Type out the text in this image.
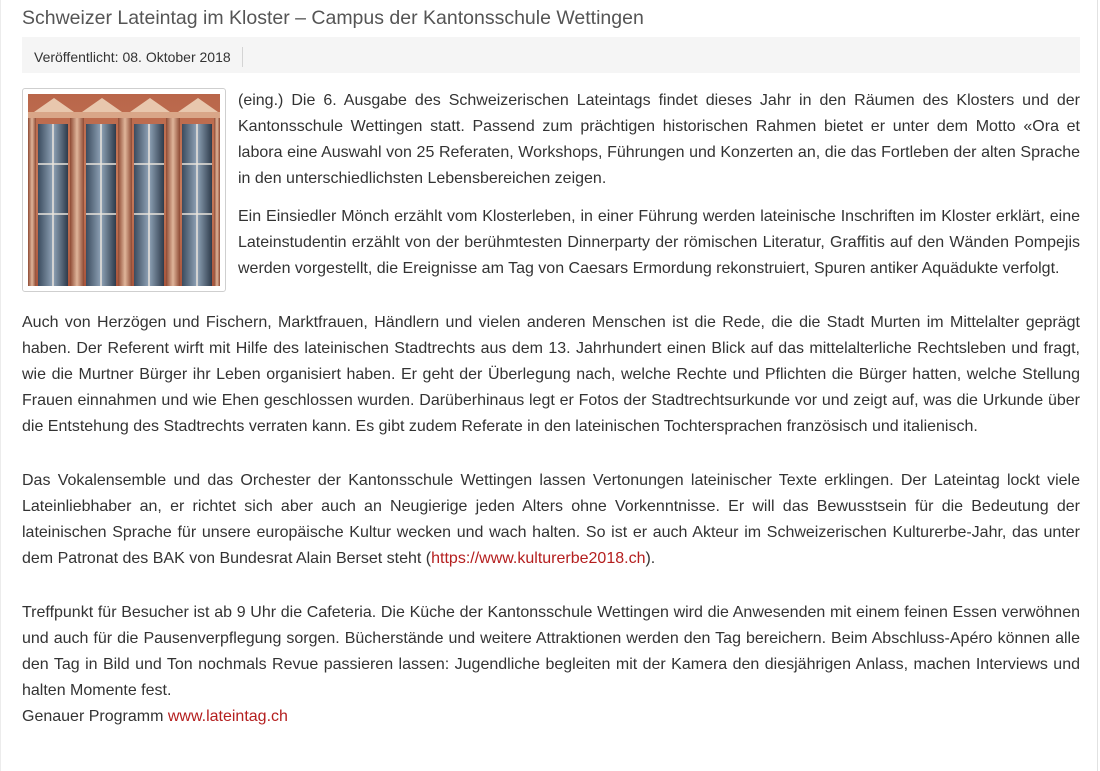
Schweizer Lateintag im Kloster – Campus der Kantonsschule Wettingen
Veröffentlicht: 08. Oktober 2018

(eing.) Die 6. Ausgabe des Schweizerischen Lateintags findet dieses Jahr in den Räumen des Klosters und der Kantonsschule Wettingen statt. Passend zum prächtigen historischen Rahmen bietet er unter dem Motto «Ora et labora eine Auswahl von 25 Referaten, Workshops, Führungen und Konzerten an, die das Fortleben der alten Sprache in den unterschiedlichsten Lebensbereichen zeigen.

Ein Einsiedler Mönch erzählt vom Klosterleben, in einer Führung werden lateinische Inschriften im Kloster erklärt, eine Lateinstudentin erzählt von der berühmtesten Dinnerparty der römischen Literatur, Graffitis auf den Wänden Pompejis werden vorgestellt, die Ereignisse am Tag von Caesars Ermordung rekonstruiert, Spuren antiker Aquädukte verfolgt.

Auch von Herzögen und Fischern, Marktfrauen, Händlern und vielen anderen Menschen ist die Rede, die die Stadt Murten im Mittelalter geprägt haben. Der Referent wirft mit Hilfe des lateinischen Stadtrechts aus dem 13. Jahrhundert einen Blick auf das mittelalterliche Rechtsleben und fragt, wie die Murtner Bürger ihr Leben organisiert haben. Er geht der Überlegung nach, welche Rechte und Pflichten die Bürger hatten, welche Stellung Frauen einnahmen und wie Ehen geschlossen wurden. Darüberhinaus legt er Fotos der Stadtrechtsurkunde vor und zeigt auf, was die Urkunde über die Entstehung des Stadtrechts verraten kann. Es gibt zudem Referate in den lateinischen Tochtersprachen französisch und italienisch.

Das Vokalensemble und das Orchester der Kantonsschule Wettingen lassen Vertonungen lateinischer Texte erklingen. Der Lateintag lockt viele Lateinliebhaber an, er richtet sich aber auch an Neugierige jeden Alters ohne Vorkenntnisse. Er will das Bewusstsein für die Bedeutung der lateinischen Sprache für unsere europäische Kultur wecken und wach halten. So ist er auch Akteur im Schweizerischen Kulturerbe-Jahr, das unter dem Patronat des BAK von Bundesrat Alain Berset steht (https://www.kulturerbe2018.ch).

Treffpunkt für Besucher ist ab 9 Uhr die Cafeteria. Die Küche der Kantonsschule Wettingen wird die Anwesenden mit einem feinen Essen verwöhnen und auch für die Pausenverpflegung sorgen. Bücherstände und weitere Attraktionen werden den Tag bereichern. Beim Abschluss-Apéro können alle den Tag in Bild und Ton nochmals Revue passieren lassen: Jugendliche begleiten mit der Kamera den diesjährigen Anlass, machen Interviews und halten Momente fest.

Genauer Programm www.lateintag.ch
